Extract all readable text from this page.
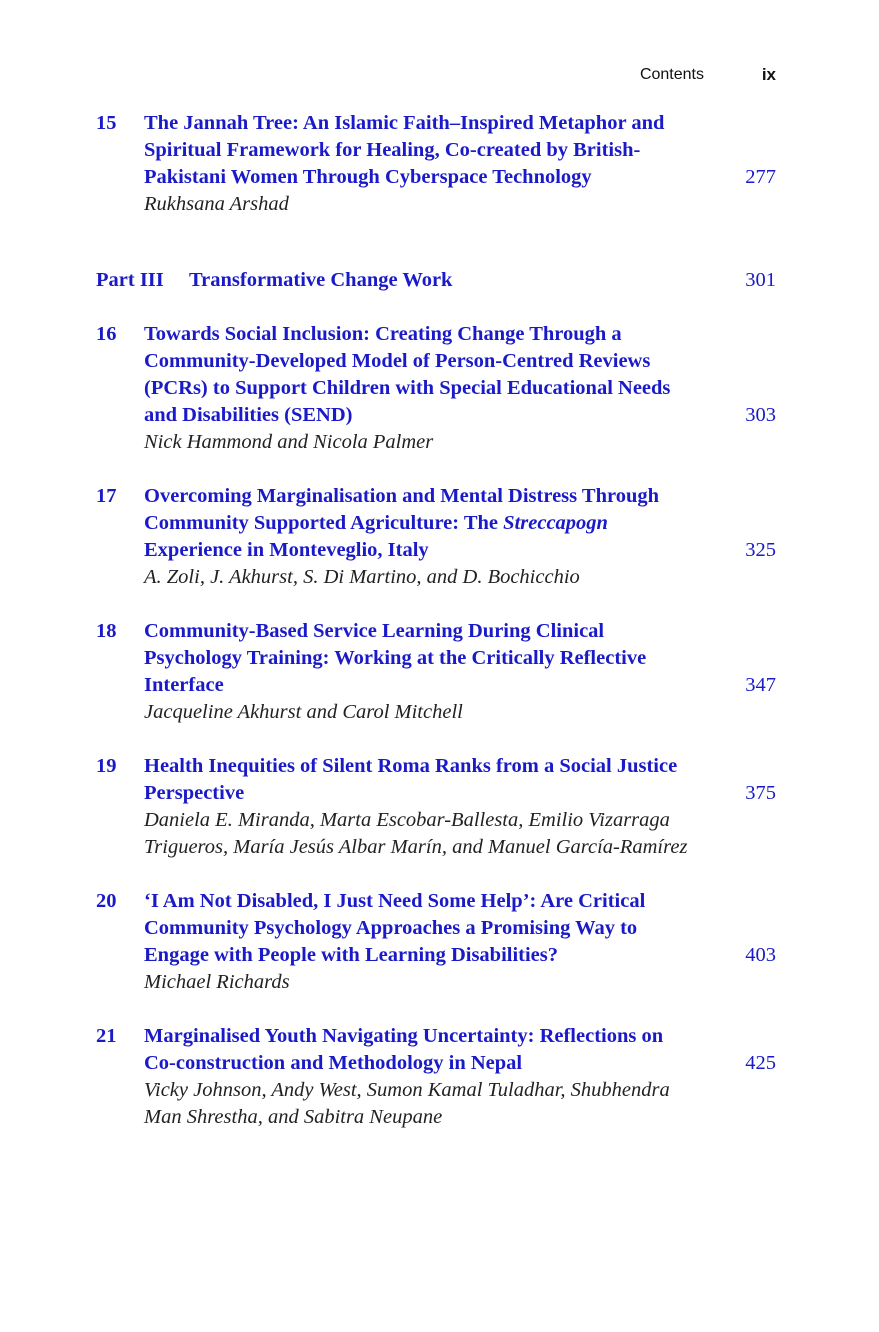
Contents	ix
15 The Jannah Tree: An Islamic Faith–Inspired Metaphor and
Spiritual Framework for Healing, Co-created by British-
Pakistani Women Through Cyberspace Technology
Rukhsana Arshad
277
Part III Transformative Change Work	301
16 Towards Social Inclusion: Creating Change Through a
Community-Developed Model of Person-Centred Reviews
(PCRs) to Support Children with Special Educational Needs
and Disabilities (SEND)
Nick Hammond and Nicola Palmer
303
17 Overcoming Marginalisation and Mental Distress Through
Community Supported Agriculture: The Streccapogn
Experience in Monteveglio, Italy
A. Zoli, J. Akhurst, S. Di Martino, and D. Bochicchio
325
18 Community-Based Service Learning During Clinical
Psychology Training: Working at the Critically Reflective
Interface
Jacqueline Akhurst and Carol Mitchell
347
19 Health Inequities of Silent Roma Ranks from a Social Justice
Perspective
Daniela E. Miranda, Marta Escobar-Ballesta, Emilio Vizarraga
Trigueros, María Jesús Albar Marín, and Manuel García-Ramírez
375
20 ‘I Am Not Disabled, I Just Need Some Help’: Are Critical
Community Psychology Approaches a Promising Way to
Engage with People with Learning Disabilities?
Michael Richards
403
21 Marginalised Youth Navigating Uncertainty: Reflections on
Co-construction and Methodology in Nepal
Vicky Johnson, Andy West, Sumon Kamal Tuladhar, Shubhendra
Man Shrestha, and Sabitra Neupane
425
